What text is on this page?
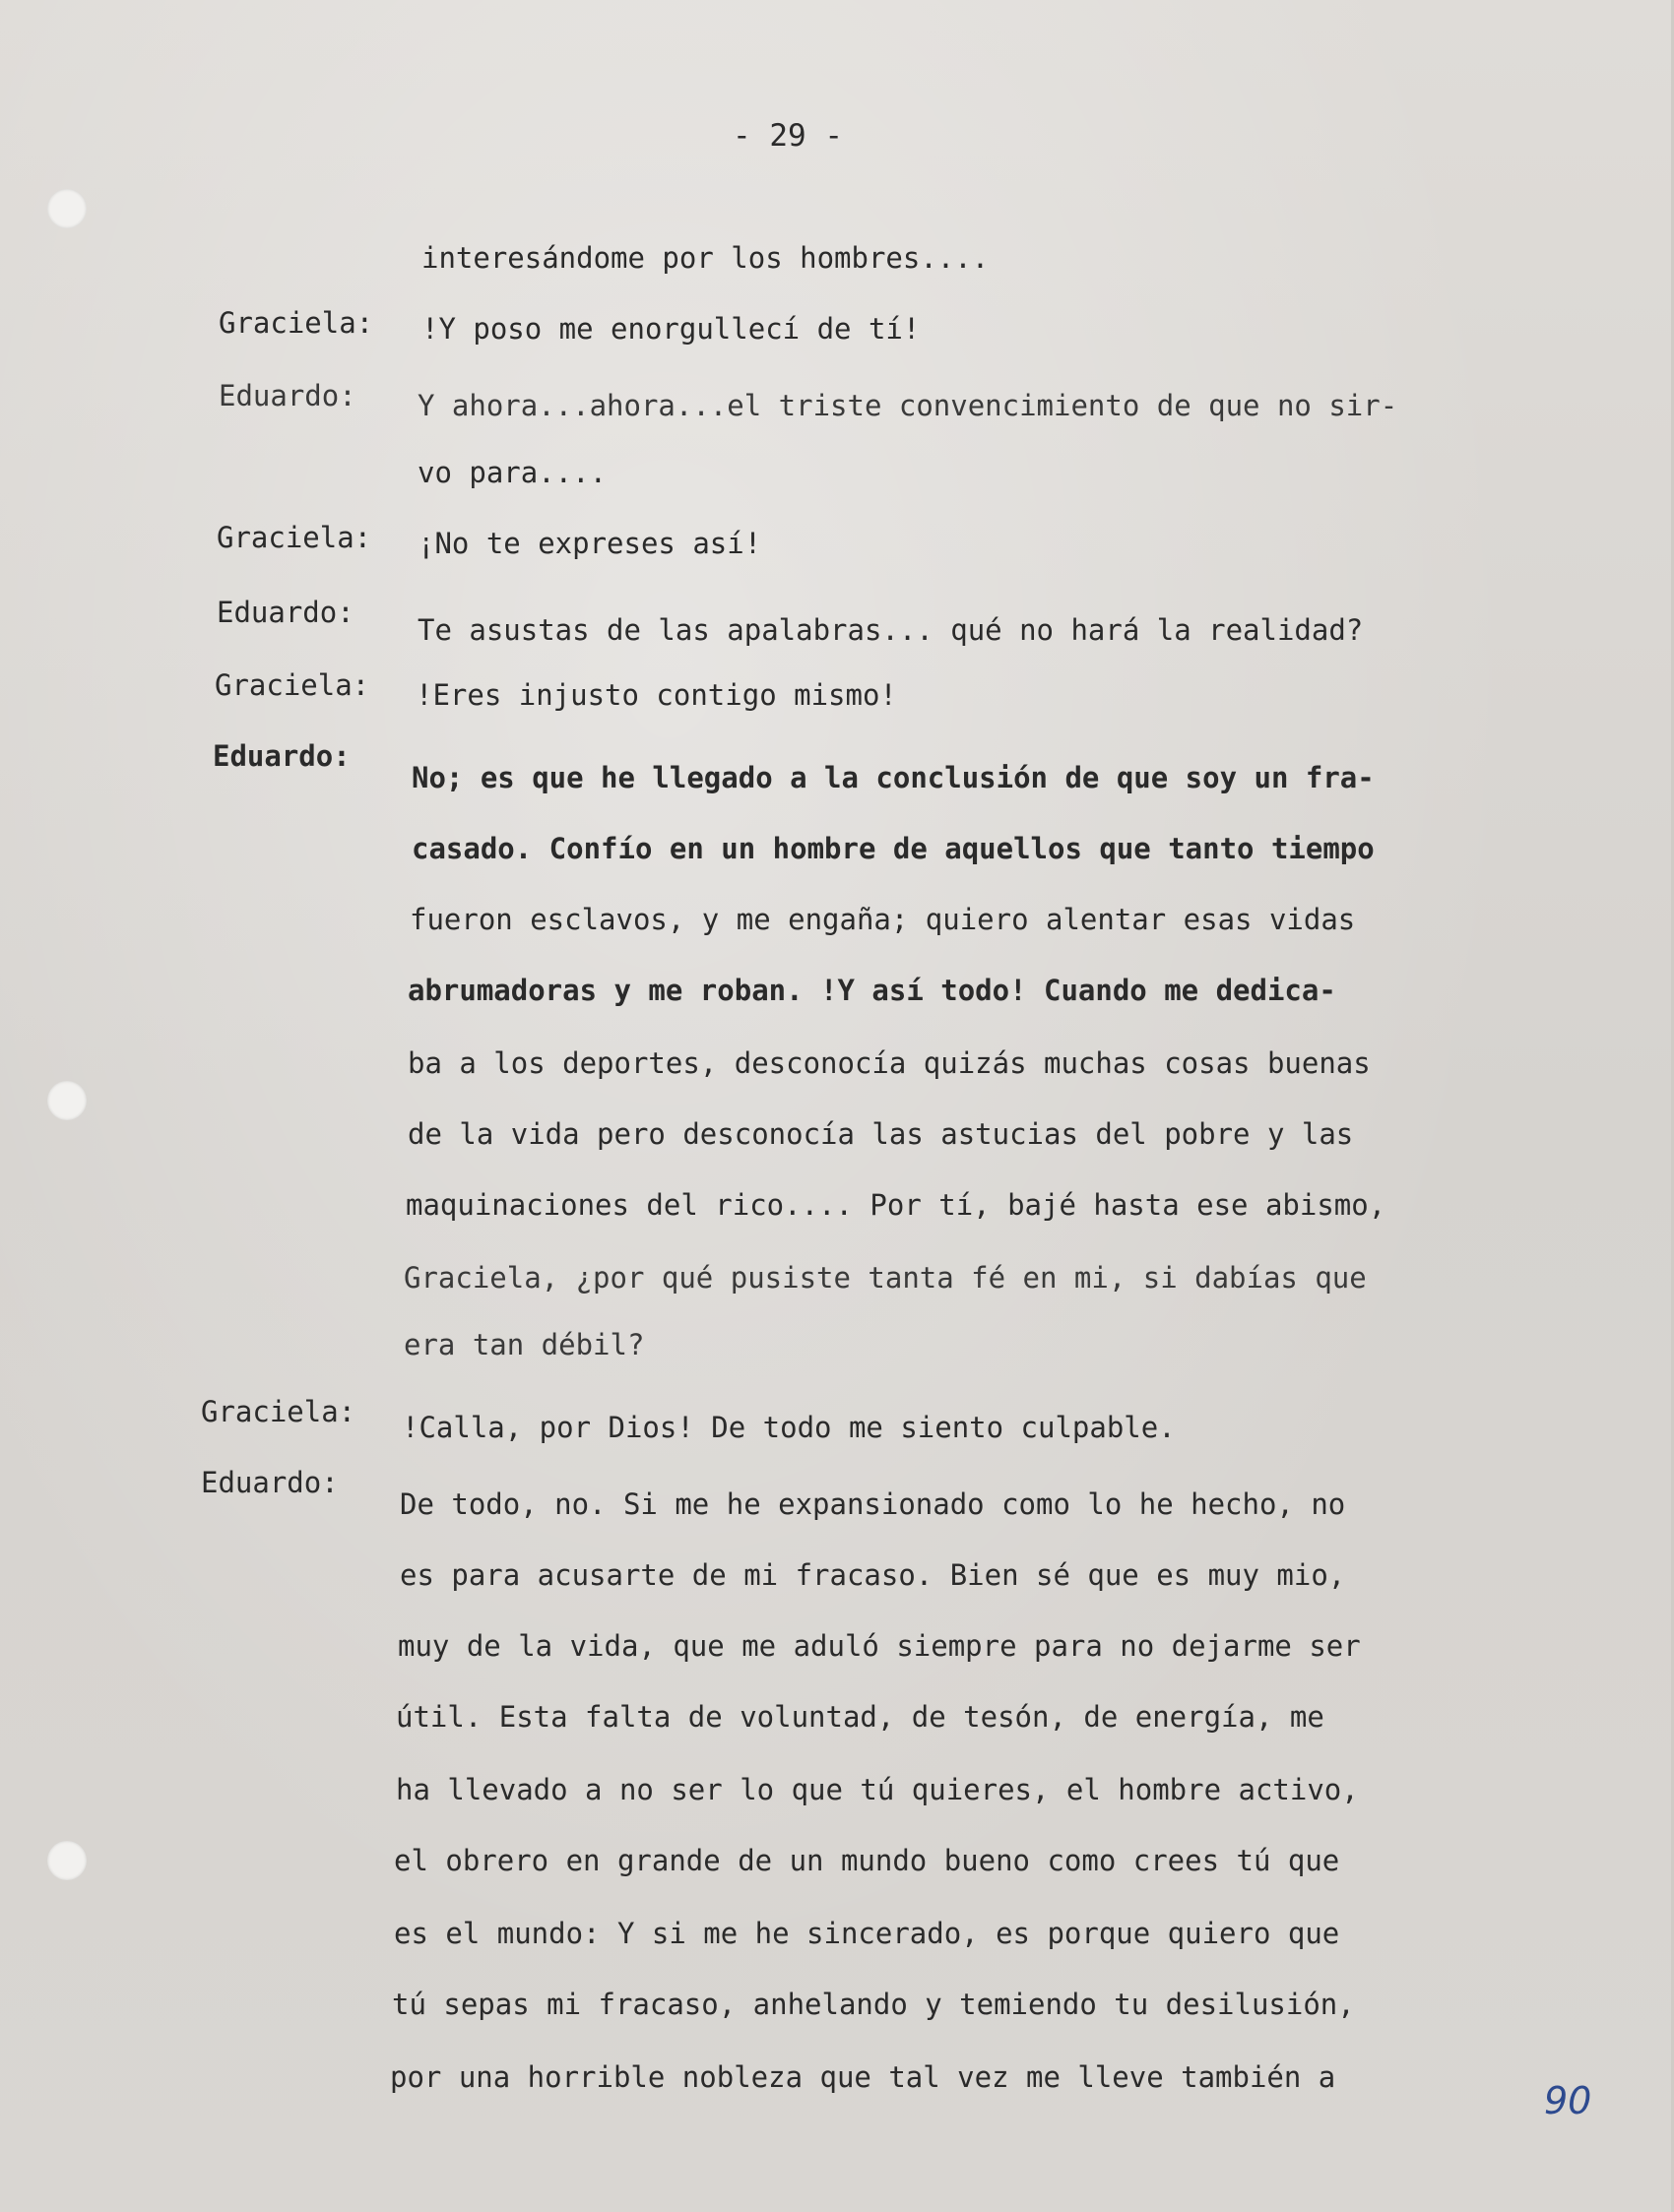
- 29 -
interesándome por los hombres....
Graciela: !Y poso me enorgullecí de tí!
Eduardo: Y ahora...ahora...el triste convencimiento de que no sir-
vo para....
Graciela: ¡No te expreses así!
Eduardo:
Te asustas de las apalabras... qué no hará la realidad?
Graciela: !Eres injusto contigo mismo!
Eduardo:
No; es que he llegado a la conclusión de que soy un fra-
casado. Confío en un hombre de aquellos que tanto tiempo
fueron esclavos, y me engaña; quiero alentar esas vidas
abrumadoras y me roban. !Y así todo! Cuando me dedica-
ba a los deportes, desconocía quizás muchas cosas buenas
de la vida pero desconocía las astucias del pobre y las
maquinaciones del rico.... Por tí, bajé hasta ese abismo,
Graciela, ¿por qué pusiste tanta fé en mi, si dabías que
era tan débil?
Graciela: !Calla, por Dios! De todo me siento culpable.
Eduardo:
De todo, no. Si me he expansionado como lo he hecho, no
es para acusarte de mi fracaso. Bien sé que es muy mio,
muy de la vida, que me aduló siempre para no dejarme ser
útil. Esta falta de voluntad, de tesón, de energía, me
ha llevado a no ser lo que tú quieres, el hombre activo,
el obrero en grande de un mundo bueno como crees tú que
es el mundo: Y si me he sincerado, es porque quiero que
tú sepas mi fracaso, anhelando y temiendo tu desilusión,
por una horrible nobleza que tal vez me lleve también a
90
